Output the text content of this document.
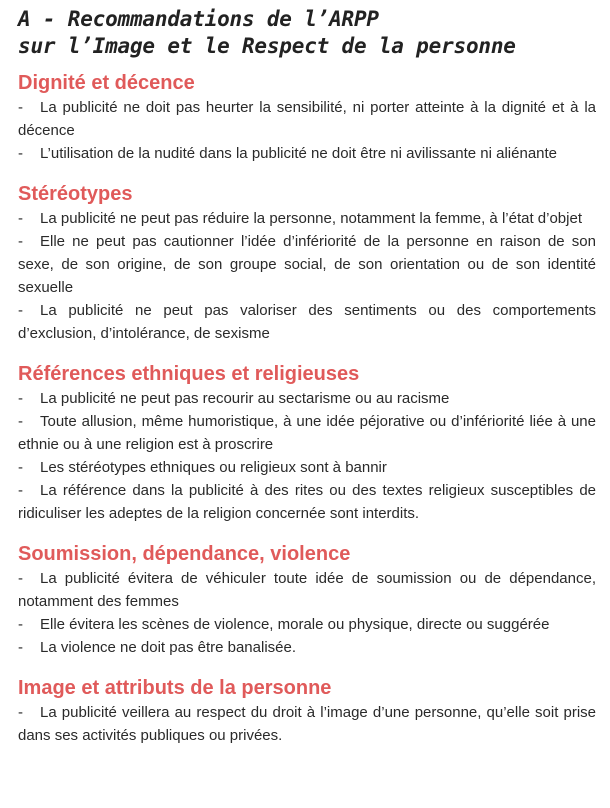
A - Recommandations de l’ARPP
sur l’Image et le Respect de la personne
Dignité et décence
- La publicité ne doit pas heurter la sensibilité, ni porter atteinte à la dignité et à la décence
- L’utilisation de la nudité dans la publicité ne doit être ni avilissante ni aliénante
Stéréotypes
- La publicité ne peut pas réduire la personne, notamment la femme, à l’état d’objet
- Elle ne peut pas cautionner l’idée d’infériorité de la personne en raison de son sexe, de son origine, de son groupe social, de son orientation ou de son identité sexuelle
- La publicité ne peut pas valoriser des sentiments ou des comportements d’exclusion, d’intolérance, de sexisme
Références ethniques et religieuses
- La publicité ne peut pas recourir au sectarisme ou au racisme
- Toute allusion, même humoristique, à une idée péjorative ou d’infériorité liée à une ethnie ou à une religion est à proscrire
- Les stéréotypes ethniques ou religieux sont à bannir
- La référence dans la publicité à des rites ou des textes religieux susceptibles de ridiculiser les adeptes de la religion concernée sont interdits.
Soumission, dépendance, violence
- La publicité évitera de véhiculer toute idée de soumission ou de dépendance, notamment des femmes
- Elle évitera les scènes de violence, morale ou physique, directe ou suggérée
- La violence ne doit pas être banalisée.
Image et attributs de la personne
- La publicité veillera au respect du droit à l’image d’une personne, qu’elle soit prise dans ses activités publiques ou privées.
